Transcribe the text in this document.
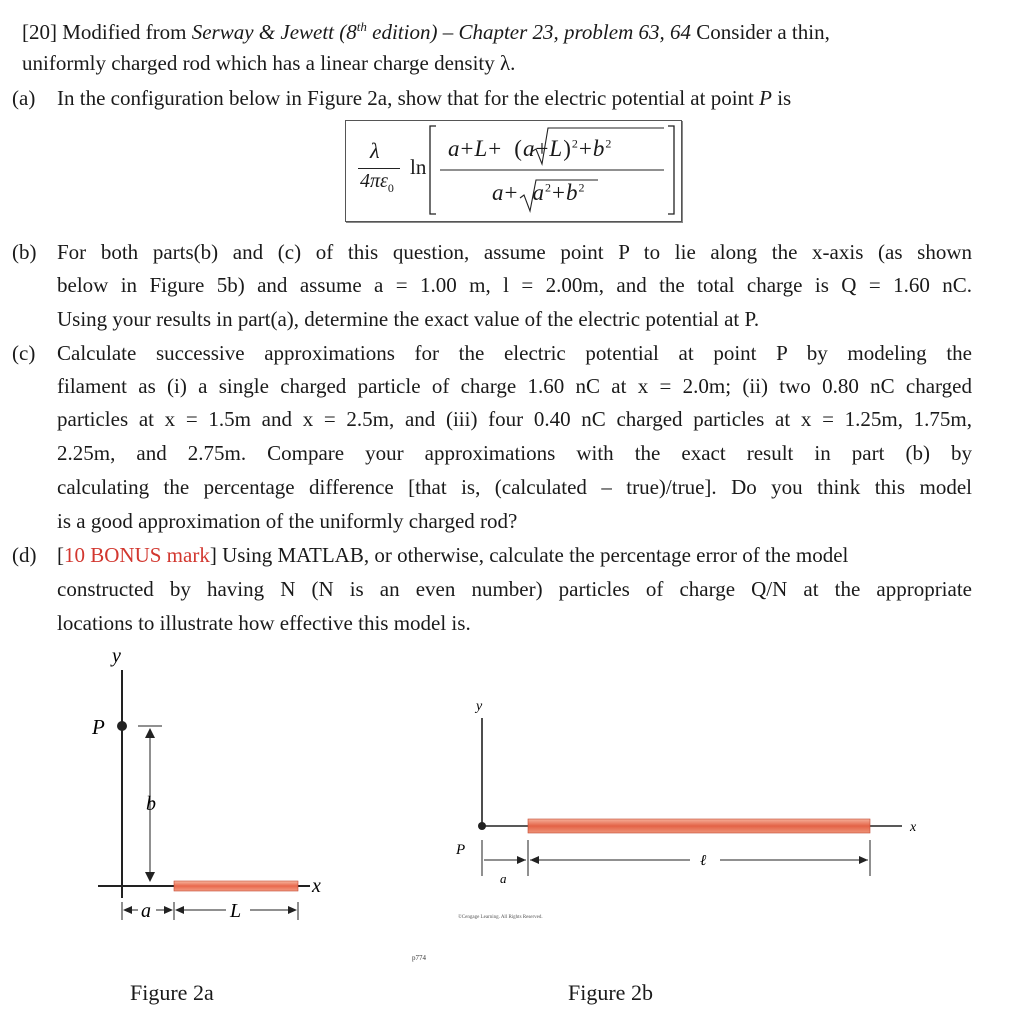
[20] Modified from Serway & Jewett (8th edition) – Chapter 23, problem 63, 64 Consider a thin,
uniformly charged rod which has a linear charge density λ.
(a) In the configuration below in Figure 2a, show that for the electric potential at point P is
λ
$4\pi\varepsilon_0$
ln
$a+L+ (a+L)^2+b^2$
$a+ a^2+b^2$
(b) For both parts(b) and (c) of this question, assume point P to lie along the x-axis (as shown
below in Figure 5b) and assume a = 1.00 m, l = 2.00m, and the total charge is Q = 1.60 nC.
Using your results in part(a), determine the exact value of the electric potential at P.
(c) Calculate successive approximations for the electric potential at point P by modeling the
filament as (i) a single charged particle of charge 1.60 nC at x = 2.0m; (ii) two 0.80 nC charged
particles at x = 1.5m and x = 2.5m, and (iii) four 0.40 nC charged particles at x = 1.25m, 1.75m,
2.25m, and 2.75m. Compare your approximations with the exact result in part (b) by
calculating the percentage difference [that is, (calculated – true)/true]. Do you think this model
is a good approximation of the uniformly charged rod?
(d) [10 BONUS mark] Using MATLAB, or otherwise, calculate the percentage error of the model
constructed by having N (N is an even number) particles of charge Q/N at the appropriate
locations to illustrate how effective this model is.
y
P
b
x
a	L
Figure 2a
y
P
x
a
ℓ
©Cengage Learning. All Rights Reserved.
p774
Figure 2b
